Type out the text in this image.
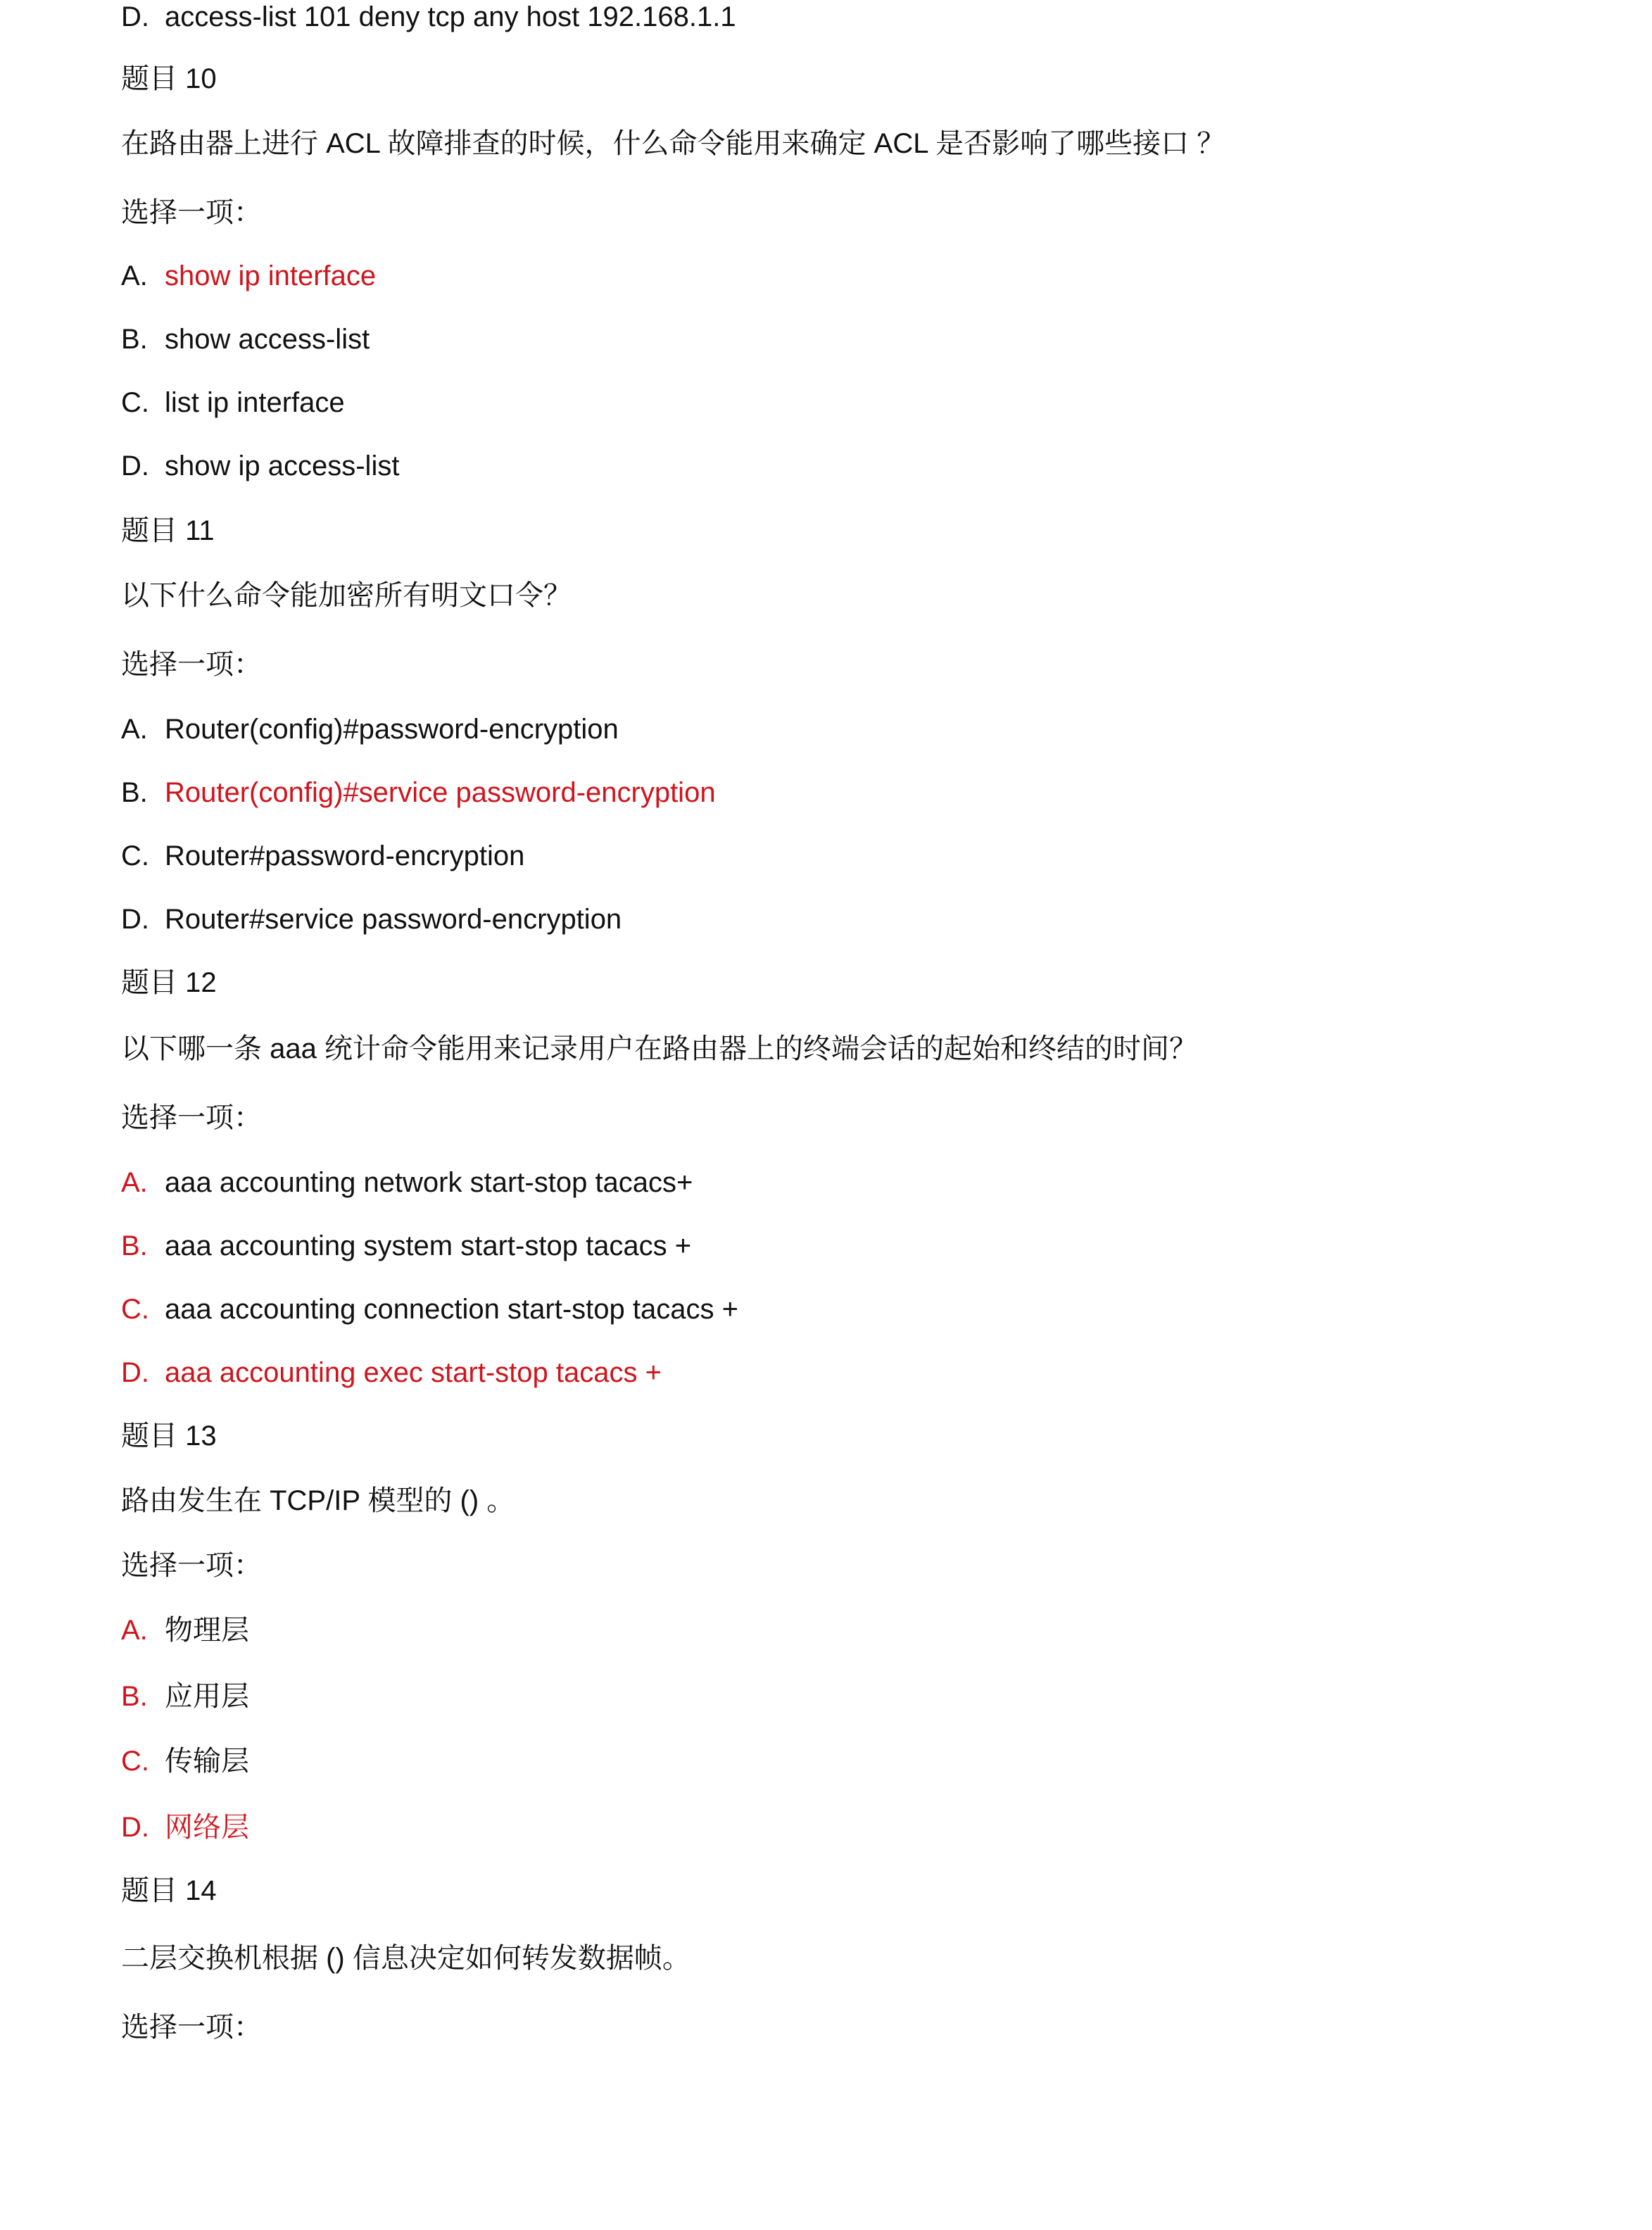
D. access-list 101 deny tcp any host 192.168.1.1
题目 10
在路由器上进行 ACL 故障排查的时候，什么命令能用来确定 ACL 是否影响了哪些接口 ？
选择一项：
A. show ip interface
B. show access-list
C. list ip interface
D. show ip access-list
题目 11
以下什么命令能加密所有明文口令？
选择一项：
A. Router(config)#password-encryption
B. Router(config)#service password-encryption
C. Router#password-encryption
D. Router#service password-encryption
题目 12
以下哪一条 aaa 统计命令能用来记录用户在路由器上的终端会话的起始和终结的时间？
选择一项：
A. aaa accounting network start-stop tacacs+
B. aaa accounting system start-stop tacacs +
C. aaa accounting connection start-stop tacacs +
D. aaa accounting exec start-stop tacacs +
题目 13
路由发生在 TCP/IP 模型的 () 。
选择一项：
A. 物理层
B. 应用层
C. 传输层
D. 网络层
题目 14
二层交换机根据 () 信息决定如何转发数据帧。
选择一项：
